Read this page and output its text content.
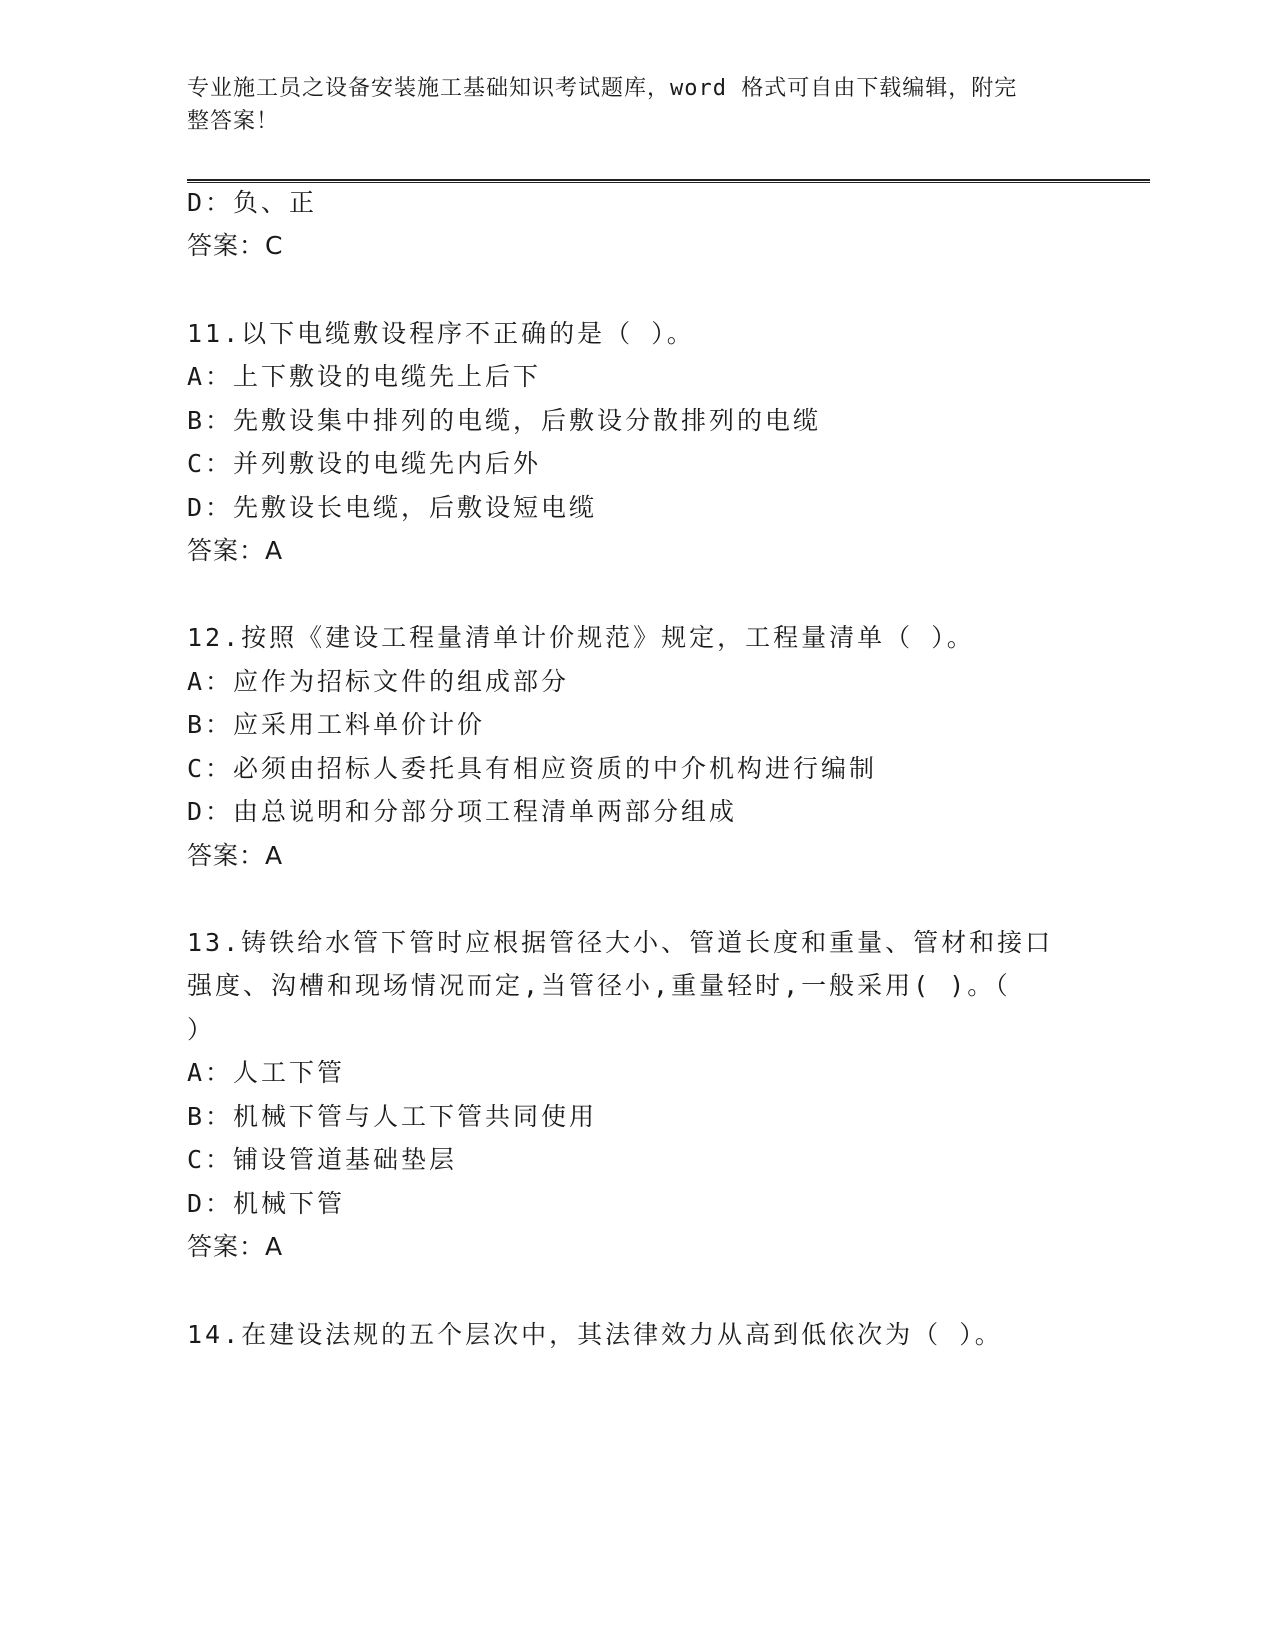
专业施工员之设备安装施工基础知识考试题库，word 格式可自由下载编辑，附完
整答案！
D：负、正
答案：C
11.以下电缆敷设程序不正确的是（ ）。
A：上下敷设的电缆先上后下
B：先敷设集中排列的电缆，后敷设分散排列的电缆
C：并列敷设的电缆先内后外
D：先敷设长电缆，后敷设短电缆
答案：A
12.按照《建设工程量清单计价规范》规定，工程量清单（ ）。
A：应作为招标文件的组成部分
B：应采用工料单价计价
C：必须由招标人委托具有相应资质的中介机构进行编制
D：由总说明和分部分项工程清单两部分组成
答案：A
13.铸铁给水管下管时应根据管径大小、管道长度和重量、管材和接口
强度、沟槽和现场情况而定,当管径小,重量轻时,一般采用( )。（
）
A：人工下管
B：机械下管与人工下管共同使用
C：铺设管道基础垫层
D：机械下管
答案：A
14.在建设法规的五个层次中，其法律效力从高到低依次为（ ）。
